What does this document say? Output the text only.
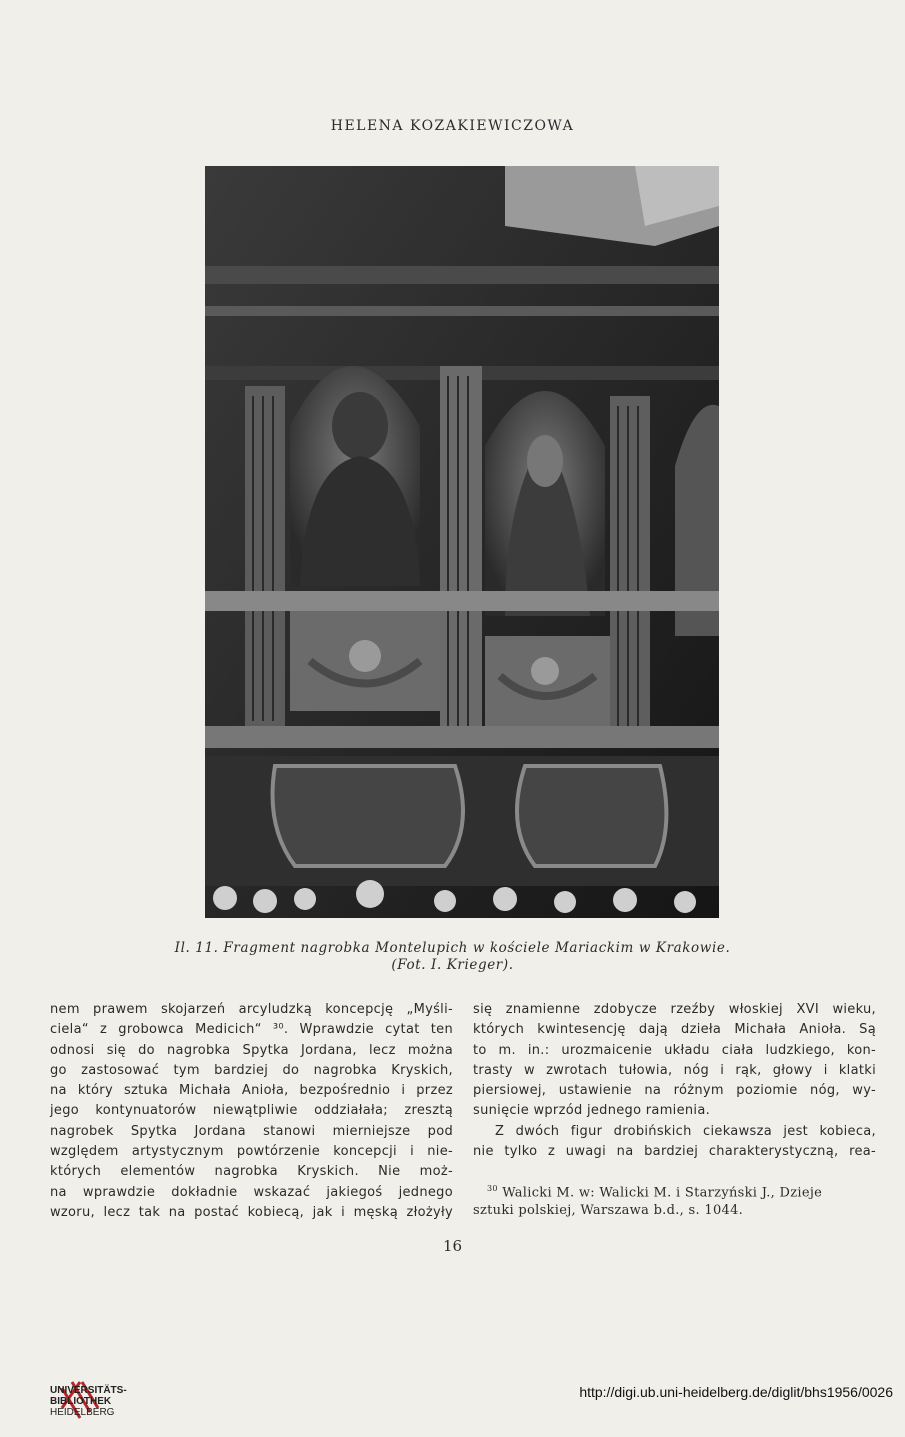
HELENA KOZAKIEWICZOWA
Il. 11. Fragment nagrobka Montelupich w kościele Mariackim w Krakowie.
(Fot. I. Krieger).
nem prawem skojarzeń arcyludzką koncepcję „Myśli-
ciela“ z grobowca Medicich“ ³⁰. Wprawdzie cytat ten
odnosi się do nagrobka Spytka Jordana, lecz można
go zastosować tym bardziej do nagrobka Kryskich,
na który sztuka Michała Anioła, bezpośrednio i przez
jego kontynuatorów niewątpliwie oddziałała; zresztą
nagrobek Spytka Jordana stanowi mierniejsze pod
względem artystycznym powtórzenie koncepcji i nie-
których elementów nagrobka Kryskich. Nie moż-
na wprawdzie dokładnie wskazać jakiegoś jednego
wzoru, lecz tak na postać kobiecą, jak i męską złożyły
się znamienne zdobycze rzeźby włoskiej XVI wieku,
których kwintesencję dają dzieła Michała Anioła. Są
to m. in.: urozmaicenie układu ciała ludzkiego, kon-
trasty w zwrotach tułowia, nóg i rąk, głowy i klatki
piersiowej, ustawienie na różnym poziomie nóg, wy-
sunięcie wprzód jednego ramienia.
Z dwóch figur drobińskich ciekawsza jest kobieca,
nie tylko z uwagi na bardziej charakterystyczną, rea-
$^{30}$ Walicki M. w: Walicki M. i Starzyński J., Dzieje
sztuki polskiej, Warszawa b.d., s. 1044.
16
UNIVERSITÄTS-
BIBLIOTHEK
HEIDELBERG
http://digi.ub.uni-heidelberg.de/diglit/bhs1956/0026
